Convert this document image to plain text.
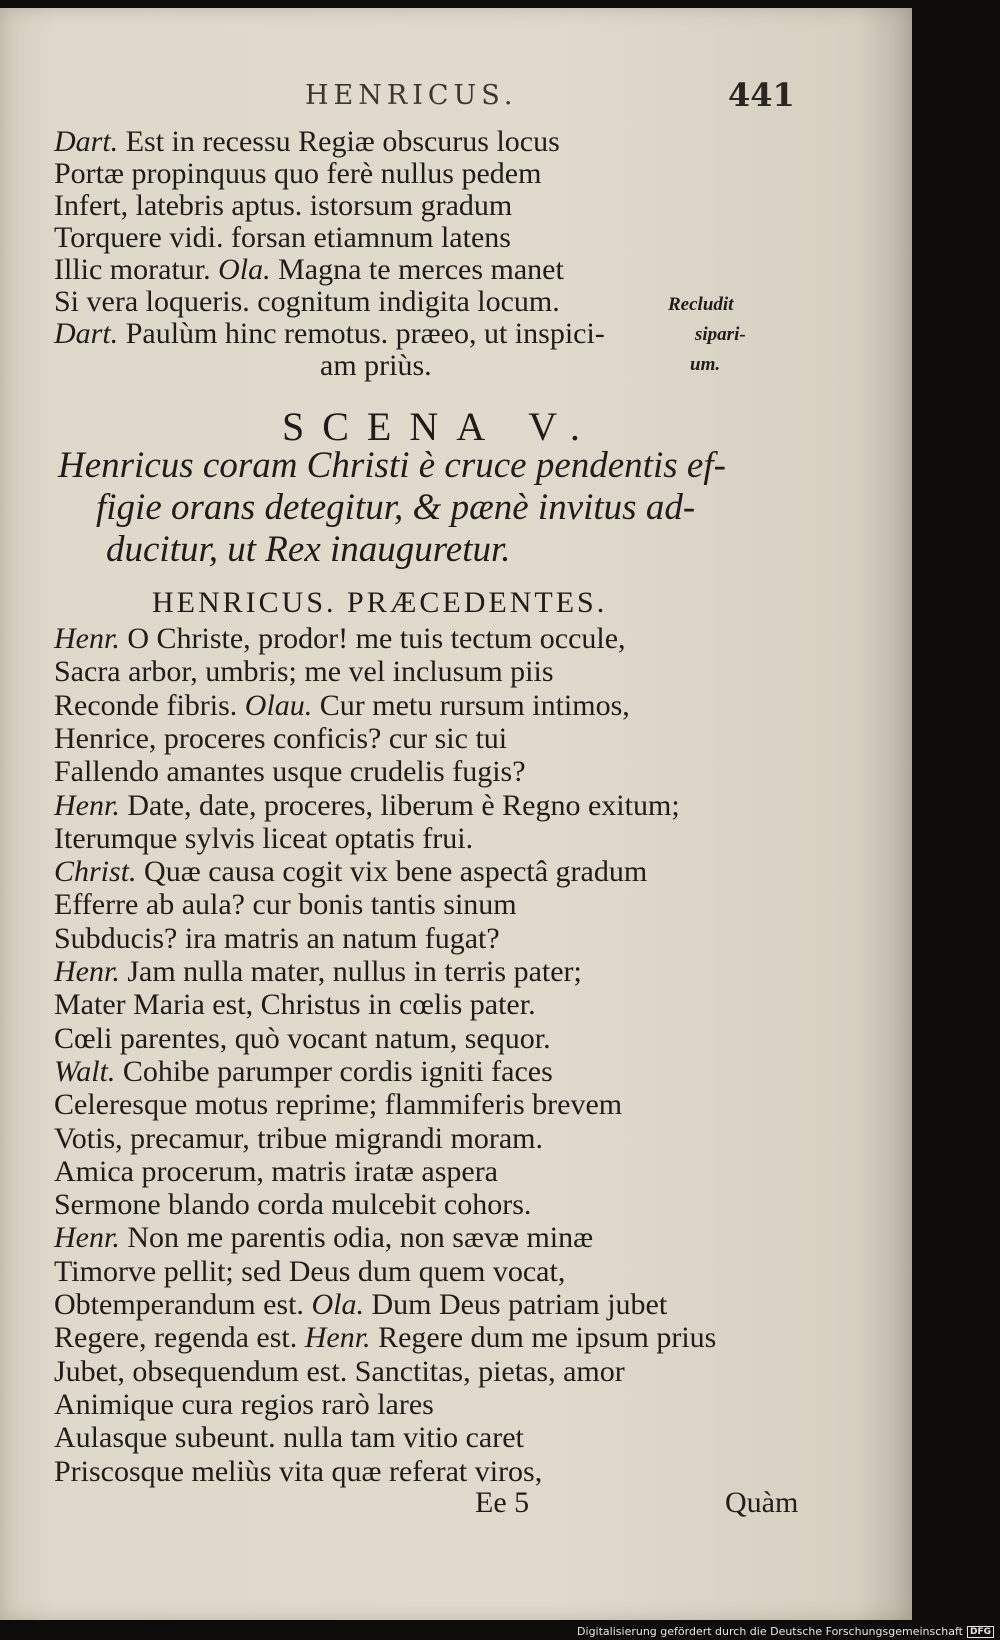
HENRICUS.	441
Dart. Est in recessu Regiæ obscurus locus
Portæ propinquus quo ferè nullus pedem
Infert, latebris aptus. istorsum gradum
Torquere vidi. forsan etiamnum latens
Illic moratur. Ola. Magna te merces manet
Si vera loqueris. cognitum indigita locum.
Dart. Paulùm hinc remotus. præeo, ut inspici-
am priùs.
Recludit
sipari-
um.
SCENA V.
Henricus coram Christi è cruce pendentis ef-
figie orans detegitur, & pænè invitus ad-
ducitur, ut Rex inauguretur.
HENRICUS. PRÆCEDENTES.
Henr. O Christe, prodor! me tuis tectum occule,
Sacra arbor, umbris; me vel inclusum piis
Reconde fibris. Olau. Cur metu rursum intimos,
Henrice, proceres conficis? cur sic tui
Fallendo amantes usque crudelis fugis?
Henr. Date, date, proceres, liberum è Regno exitum;
Iterumque sylvis liceat optatis frui.
Christ. Quæ causa cogit vix bene aspectâ gradum
Efferre ab aula? cur bonis tantis sinum
Subducis? ira matris an natum fugat?
Henr. Jam nulla mater, nullus in terris pater;
Mater Maria est, Christus in cœlis pater.
Cœli parentes, quò vocant natum, sequor.
Walt. Cohibe parumper cordis igniti faces
Celeresque motus reprime; flammiferis brevem
Votis, precamur, tribue migrandi moram.
Amica procerum, matris iratæ aspera
Sermone blando corda mulcebit cohors.
Henr. Non me parentis odia, non sævæ minæ
Timorve pellit; sed Deus dum quem vocat,
Obtemperandum est. Ola. Dum Deus patriam jubet
Regere, regenda est. Henr. Regere dum me ipsum prius
Jubet, obsequendum est. Sanctitas, pietas, amor
Animique cura regios rarò lares
Aulasque subeunt. nulla tam vitio caret
Priscosque meliùs vita quæ referat viros,
Ee 5	Quàm
Digitalisierung gefördert durch die Deutsche Forschungsgemeinschaft DFG
